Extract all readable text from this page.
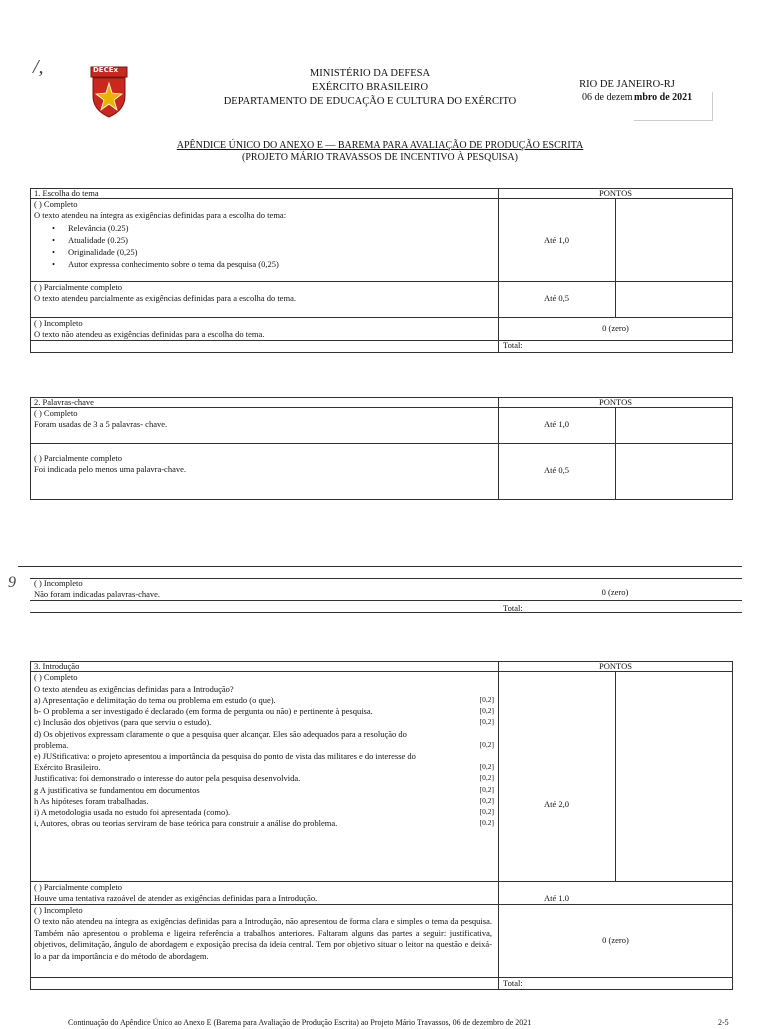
/,	DECEx	MINISTÉRIO DA DEFESA
EXÉRCITO BRASILEIRO
DEPARTAMENTO DE EDUCAÇÃO E CULTURA DO EXÉRCITO
RIO DE JANEIRO-RJ
06 de dezem mbro de 2021
APÊNDICE ÚNICO DO ANEXO E — BAREMA PARA AVALIAÇÃO DE PRODUÇÃO ESCRITA
(PROJETO MÁRIO TRAVASSOS DE INCENTIVO À PESQUISA)
1. Escolha do tema	PONTOS
( ) Completo
O texto atendeu na íntegra as exigências definidas para a escolha do tema:
• Relevância (0.25)
• Atualidade (0.25)
• Originalidade (0,25)
• Autor expressa conhecimento sobre o tema da pesquisa (0,25)
Até 1,0
( ) Parcialmente completo
O texto atendeu parcialmente as exigências definidas para a escolha do tema.	Até 0,5
( ) Incompleto
O texto não atendeu as exigências definidas para a escolha do tema.
0 (zero)
Total:
2. Palavras-chave	PONTOS
( ) Completo
Foram usadas de 3 a 5 palavras- chave.	Até 1,0
( ) Parcialmente completo
Foi indicada pelo menos uma palavra-chave.	Até 0,5
9 ( ) Incompleto
Não foram indicadas palavras-chave.	0 (zero)
Total:
3. Introdução	PONTOS
( ) Completo
O texto atendeu as exigências definidas para a Introdução?
a) Apresentação e delimitação do tema ou problema em estudo (o que).	[0,2]
b- O problema a ser investigado é declarado (em forma de pergunta ou não) e pertinente à pesquisa.	[0,2]
c) Inclusão dos objetivos (para que serviu o estudo).	[0,2]
d) Os objetivos expressam claramente o que a pesquisa quer alcançar. Eles são adequados para a resolução do
problema.	[0,2]
e) JUStificativa: o projeto apresentou a importância da pesquisa do ponto de vista das militares e do interesse do
Exército Brasileiro.	[0,2]
Justificativa: foi demonstrado o interesse do autor pela pesquisa desenvolvida.	[0,2]
g A justificativa se fundamentou em documentos	[0,2]
h As hipóteses foram trabalhadas.	[0,2]
i) A metodologia usada no estudo foi apresentada (como).	[0,2]
i, Autores, obras ou teorias serviram de base teórica para construir a análise do problema.	[0.2]
Até 2,0
( ) Parcialmente completo
Houve uma tentativa razoável de atender as exigências definidas para a Introdução.	Até 1.0
( ) Incompleto
O texto não atendeu na íntegra as exigências definidas para a Introdução, não apresentou de forma clara e simples o tema da pesquisa. Também não apresentou o problema e ligeira referência a trabalhos anteriores. Faltaram alguns das partes a seguir: justificativa, objetivos, delimitação, ângulo de abordagem e exposição precisa da ideia central. Tem por objetivo situar o leitor na questão e deixá-lo a par da importância e do método de abordagem.
0 (zero)
Total:
Continuação do Apêndice Único ao Anexo E (Barema para Avaliação de Produção Escrita) ao Projeto Mário Travassos, 06 de dezembro de 2021	2-5
